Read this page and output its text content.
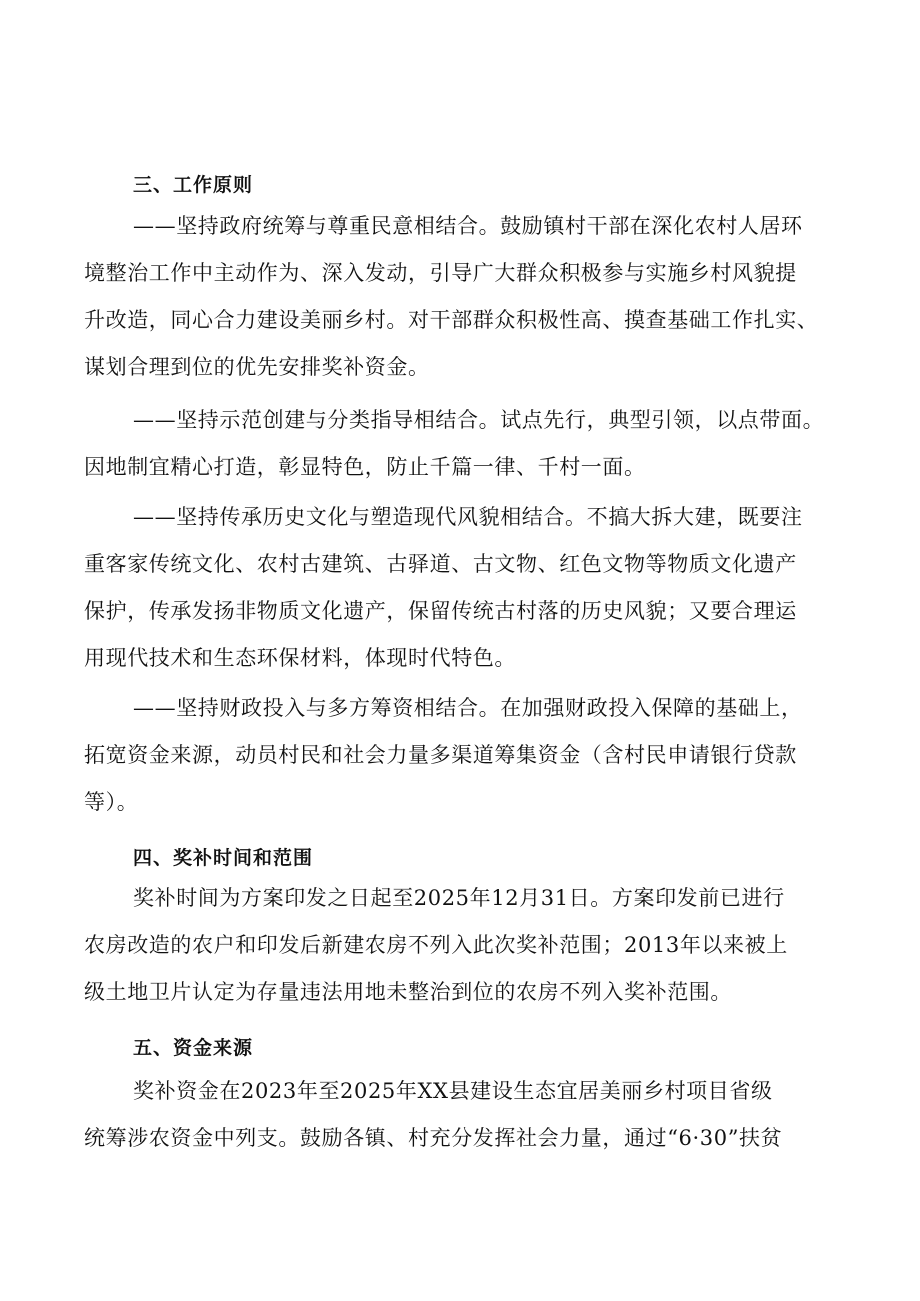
三、工作原则
——坚持政府统筹与尊重民意相结合。鼓励镇村干部在深化农村人居环
境整治工作中主动作为、深入发动，引导广大群众积极参与实施乡村风貌提
升改造，同心合力建设美丽乡村。对干部群众积极性高、摸查基础工作扎实、
谋划合理到位的优先安排奖补资金。
——坚持示范创建与分类指导相结合。试点先行，典型引领，以点带面。
因地制宜精心打造，彰显特色，防止千篇一律、千村一面。
——坚持传承历史文化与塑造现代风貌相结合。不搞大拆大建，既要注
重客家传统文化、农村古建筑、古驿道、古文物、红色文物等物质文化遗产
保护，传承发扬非物质文化遗产，保留传统古村落的历史风貌；又要合理运
用现代技术和生态环保材料，体现时代特色。
——坚持财政投入与多方筹资相结合。在加强财政投入保障的基础上，
拓宽资金来源，动员村民和社会力量多渠道筹集资金（含村民申请银行贷款
等）。
四、奖补时间和范围
奖补时间为方案印发之日起至2025年12月31日。方案印发前已进行
农房改造的农户和印发后新建农房不列入此次奖补范围；2013年以来被上
级土地卫片认定为存量违法用地未整治到位的农房不列入奖补范围。
五、资金来源
奖补资金在2023年至2025年XX县建设生态宜居美丽乡村项目省级
统筹涉农资金中列支。鼓励各镇、村充分发挥社会力量，通过“6·30”扶贫
